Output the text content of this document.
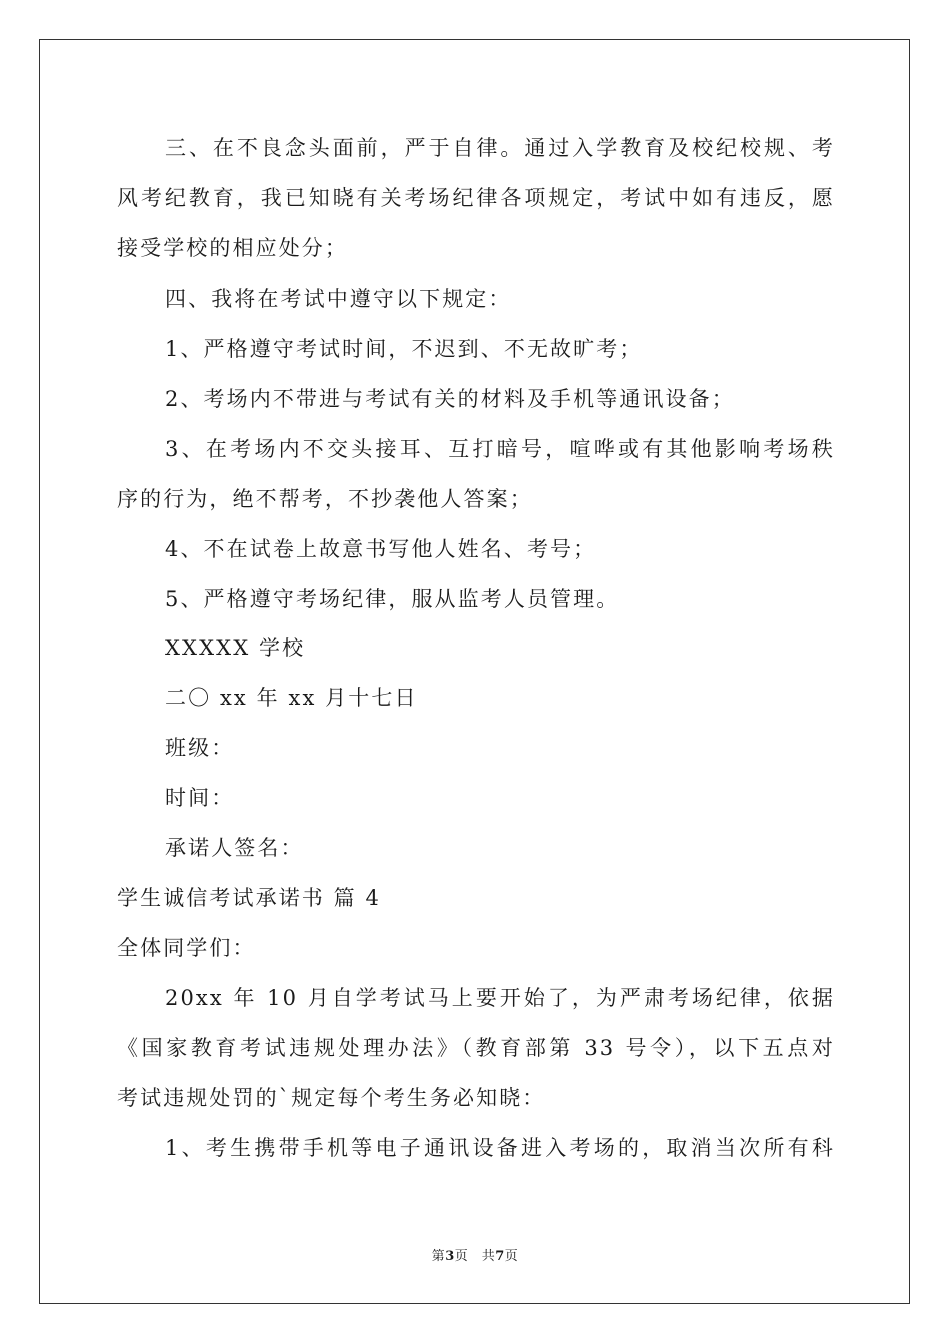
三、在不良念头面前，严于自律。通过入学教育及校纪校规、考
风考纪教育，我已知晓有关考场纪律各项规定，考试中如有违反，愿
接受学校的相应处分；
四、我将在考试中遵守以下规定：
1、严格遵守考试时间，不迟到、不无故旷考；
2、考场内不带进与考试有关的材料及手机等通讯设备；
3、在考场内不交头接耳、互打暗号，喧哗或有其他影响考场秩
序的行为，绝不帮考，不抄袭他人答案；
4、不在试卷上故意书写他人姓名、考号；
5、严格遵守考场纪律，服从监考人员管理。
XXXXX 学校
二〇 xx 年 xx 月十七日
班级：
时间：
承诺人签名：
学生诚信考试承诺书 篇 4
全体同学们：
20xx 年 10 月自学考试马上要开始了，为严肃考场纪律，依据
《国家教育考试违规处理办法》（教育部第 33 号令），以下五点对
考试违规处罚的`规定每个考生务必知晓：
1、考生携带手机等电子通讯设备进入考场的，取消当次所有科
第3页　共7页
